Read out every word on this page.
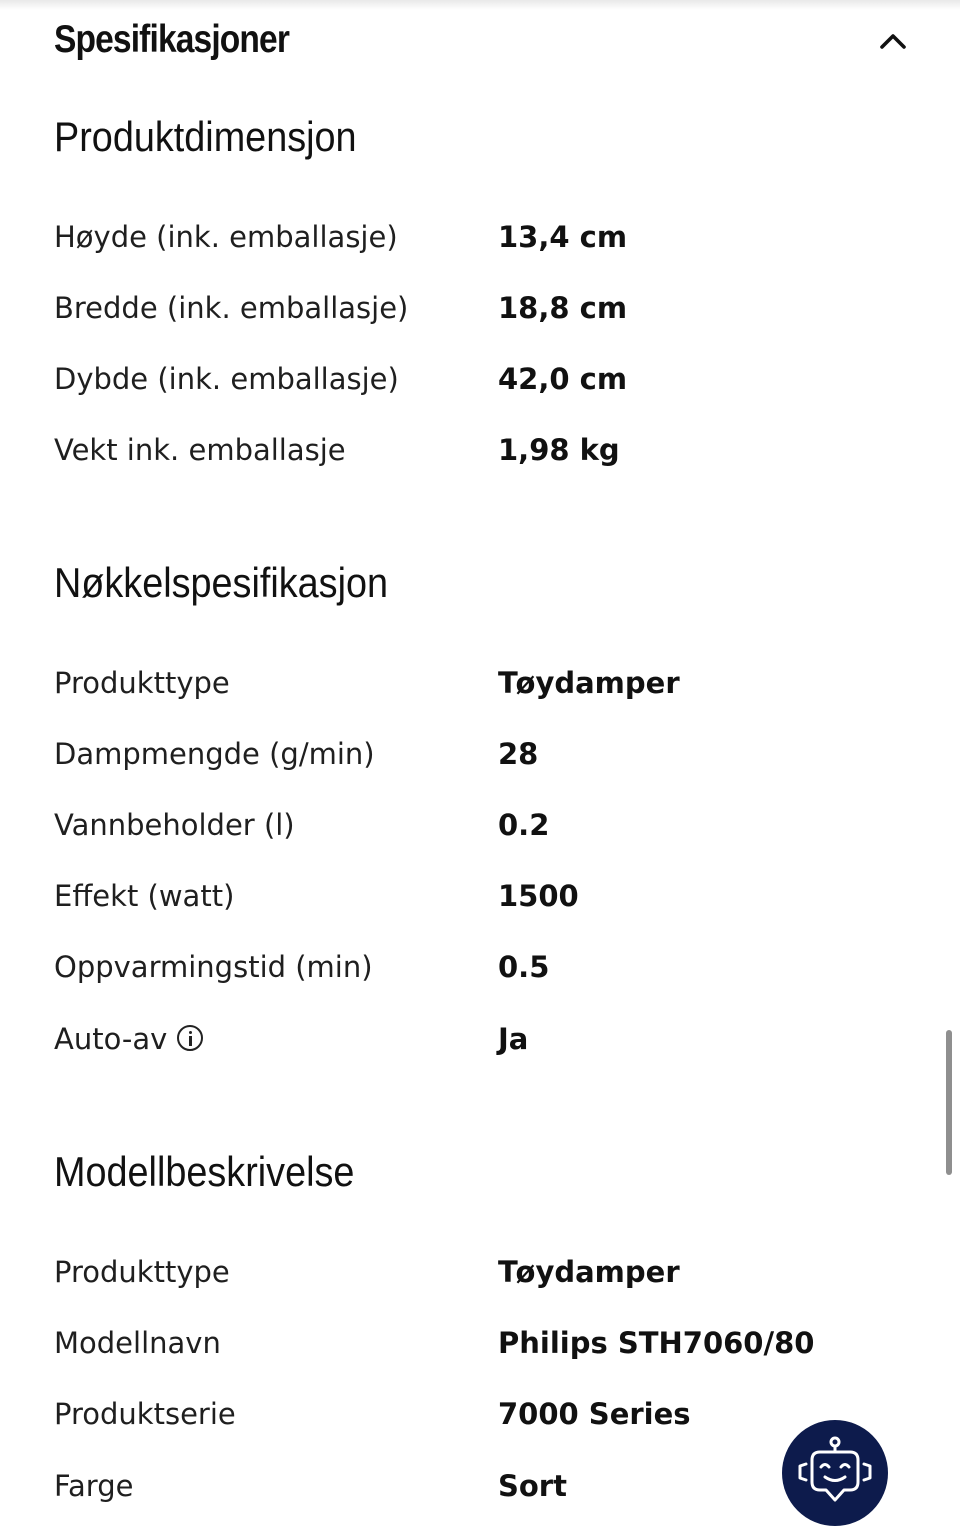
Spesifikasjoner
Produktdimensjon
Høyde (ink. emballasje)	13,4 cm
Bredde (ink. emballasje)	18,8 cm
Dybde (ink. emballasje)	42,0 cm
Vekt ink. emballasje	1,98 kg
Nøkkelspesifikasjon
Produkttype	Tøydamper
Dampmengde (g/min)	28
Vannbeholder (l)	0.2
Effekt (watt)	1500
Oppvarmingstid (min)	0.5
Auto-av	Ja
Modellbeskrivelse
Produkttype	Tøydamper
Modellnavn	Philips STH7060/80
Produktserie	7000 Series
Farge	Sort
